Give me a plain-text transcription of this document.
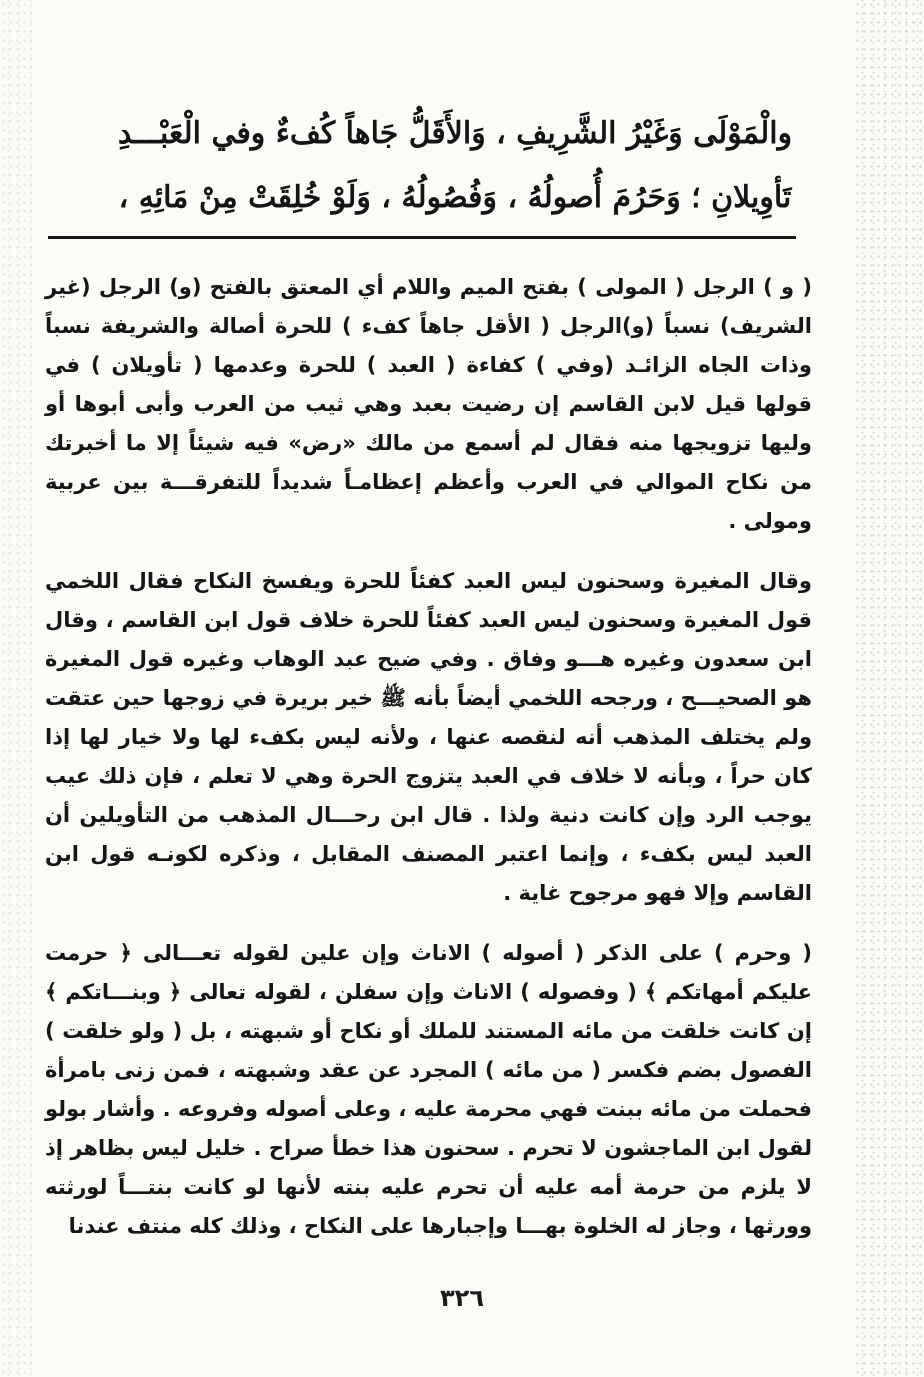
والْمَوْلَى وَغَيْرُ الشَّرِيفِ ، وَالأَقَلُّ جَاهاً كُفءٌ وفي الْعَبْـــدِ
تَأوِيلانِ ؛ وَحَرُمَ أُصولُهُ ، وَفُصُولُهُ ، وَلَوْ خُلِقَتْ مِنْ مَائِهِ ،

( و ) الرجل ( المولى ) بفتح الميم واللام أي المعتق بالفتح (و) الرجل (غير الشريف) نسباً (و)الرجل ( الأقل جاهاً كفء ) للحرة أصالة والشريفة نسباً وذات الجاه الزائـد (وفي ) كفاءة ( العبد ) للحرة وعدمها ( تأويلان ) في قولها قيل لابن القاسم إن رضيت بعبد وهي ثيب من العرب وأبى أبوها أو وليها تزويجها منه فقال لم أسمع من مالك «رض» فيه شيئاً إلا ما أخبرتك من نكاح الموالي في العرب وأعظم إعظامـاً شديداً للتفرقـــة بين عربية ومولى .

وقال المغيرة وسحنون ليس العبد كفئاً للحرة ويفسخ النكاح فقال اللخمي قول المغيرة وسحنون ليس العبد كفئاً للحرة خلاف قول ابن القاسم ، وقال ابن سعدون وغيره هـــو وفاق . وفي ضيح عبد الوهاب وغيره قول المغيرة هو الصحيـــح ، ورجحه اللخمي أيضاً بأنه ﷺ خير بريرة في زوجها حين عتقت ولم يختلف المذهب أنه لنقصه عنها ، ولأنه ليس بكفء لها ولا خيار لها إذا كان حراً ، وبأنه لا خلاف في العبد يتزوج الحرة وهي لا تعلم ، فإن ذلك عيب يوجب الرد وإن كانت دنية ولذا . قال ابن رحـــال المذهب من التأويلين أن العبد ليس بكفء ، وإنما اعتبر المصنف المقابل ، وذكره لكونـه قول ابن القاسم وإلا فهو مرجوح غاية .

( وحرم ) على الذكر ( أصوله ) الاناث وإن علين لقوله تعـــالى ﴿ حرمت عليكم أمهاتكم ﴾ ( وفصوله ) الاناث وإن سفلن ، لقوله تعالى ﴿ وبنـــاتكم ﴾ إن كانت خلقت من مائه المستند للملك أو نكاح أو شبهته ، بل ( ولو خلقت ) الفصول بضم فكسر ( من مائه ) المجرد عن عقد وشبهته ، فمن زنى بامرأة فحملت من مائه ببنت فهي محرمة عليه ، وعلى أصوله وفروعه . وأشار بولو لقول ابن الماجشون لا تحرم . سحنون هذا خطأ صراح . خليل ليس بظاهر إذ لا يلزم من حرمة أمه عليه أن تحرم عليه بنته لأنها لو كانت بنتـــاً لورثته وورثها ، وجاز له الخلوة بهـــا وإجبارها على النكاح ، وذلك كله منتف عندنا

٣٢٦
